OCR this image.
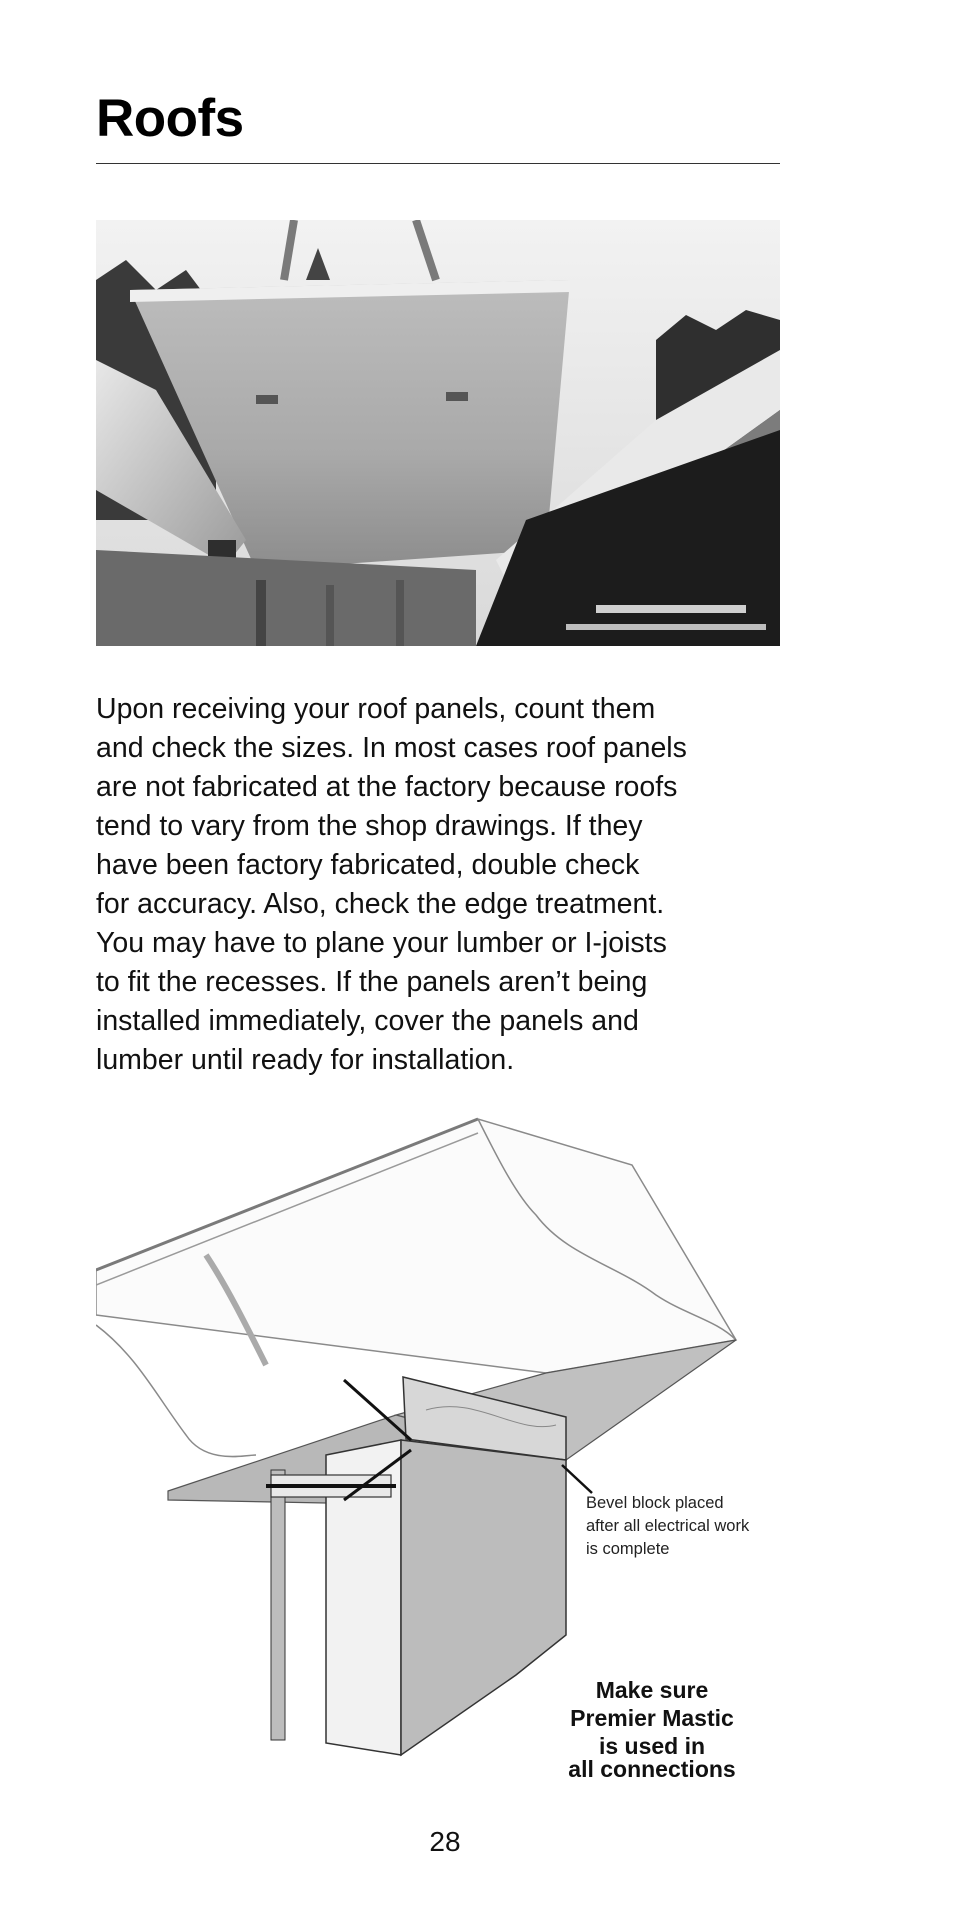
Roofs

Upon receiving your roof panels, count them
and check the sizes. In most cases roof panels
are not fabricated at the factory because roofs
tend to vary from the shop drawings. If they
have been factory fabricated, double check
for accuracy. Also, check the edge treatment.
You may have to plane your lumber or I-joists
to fit the recesses. If the panels aren’t being
installed immediately, cover the panels and
lumber until ready for installation.

Bevel block placed
after all electrical work
is complete
Make sure
Premier Mastic
is used in
all connections
28
